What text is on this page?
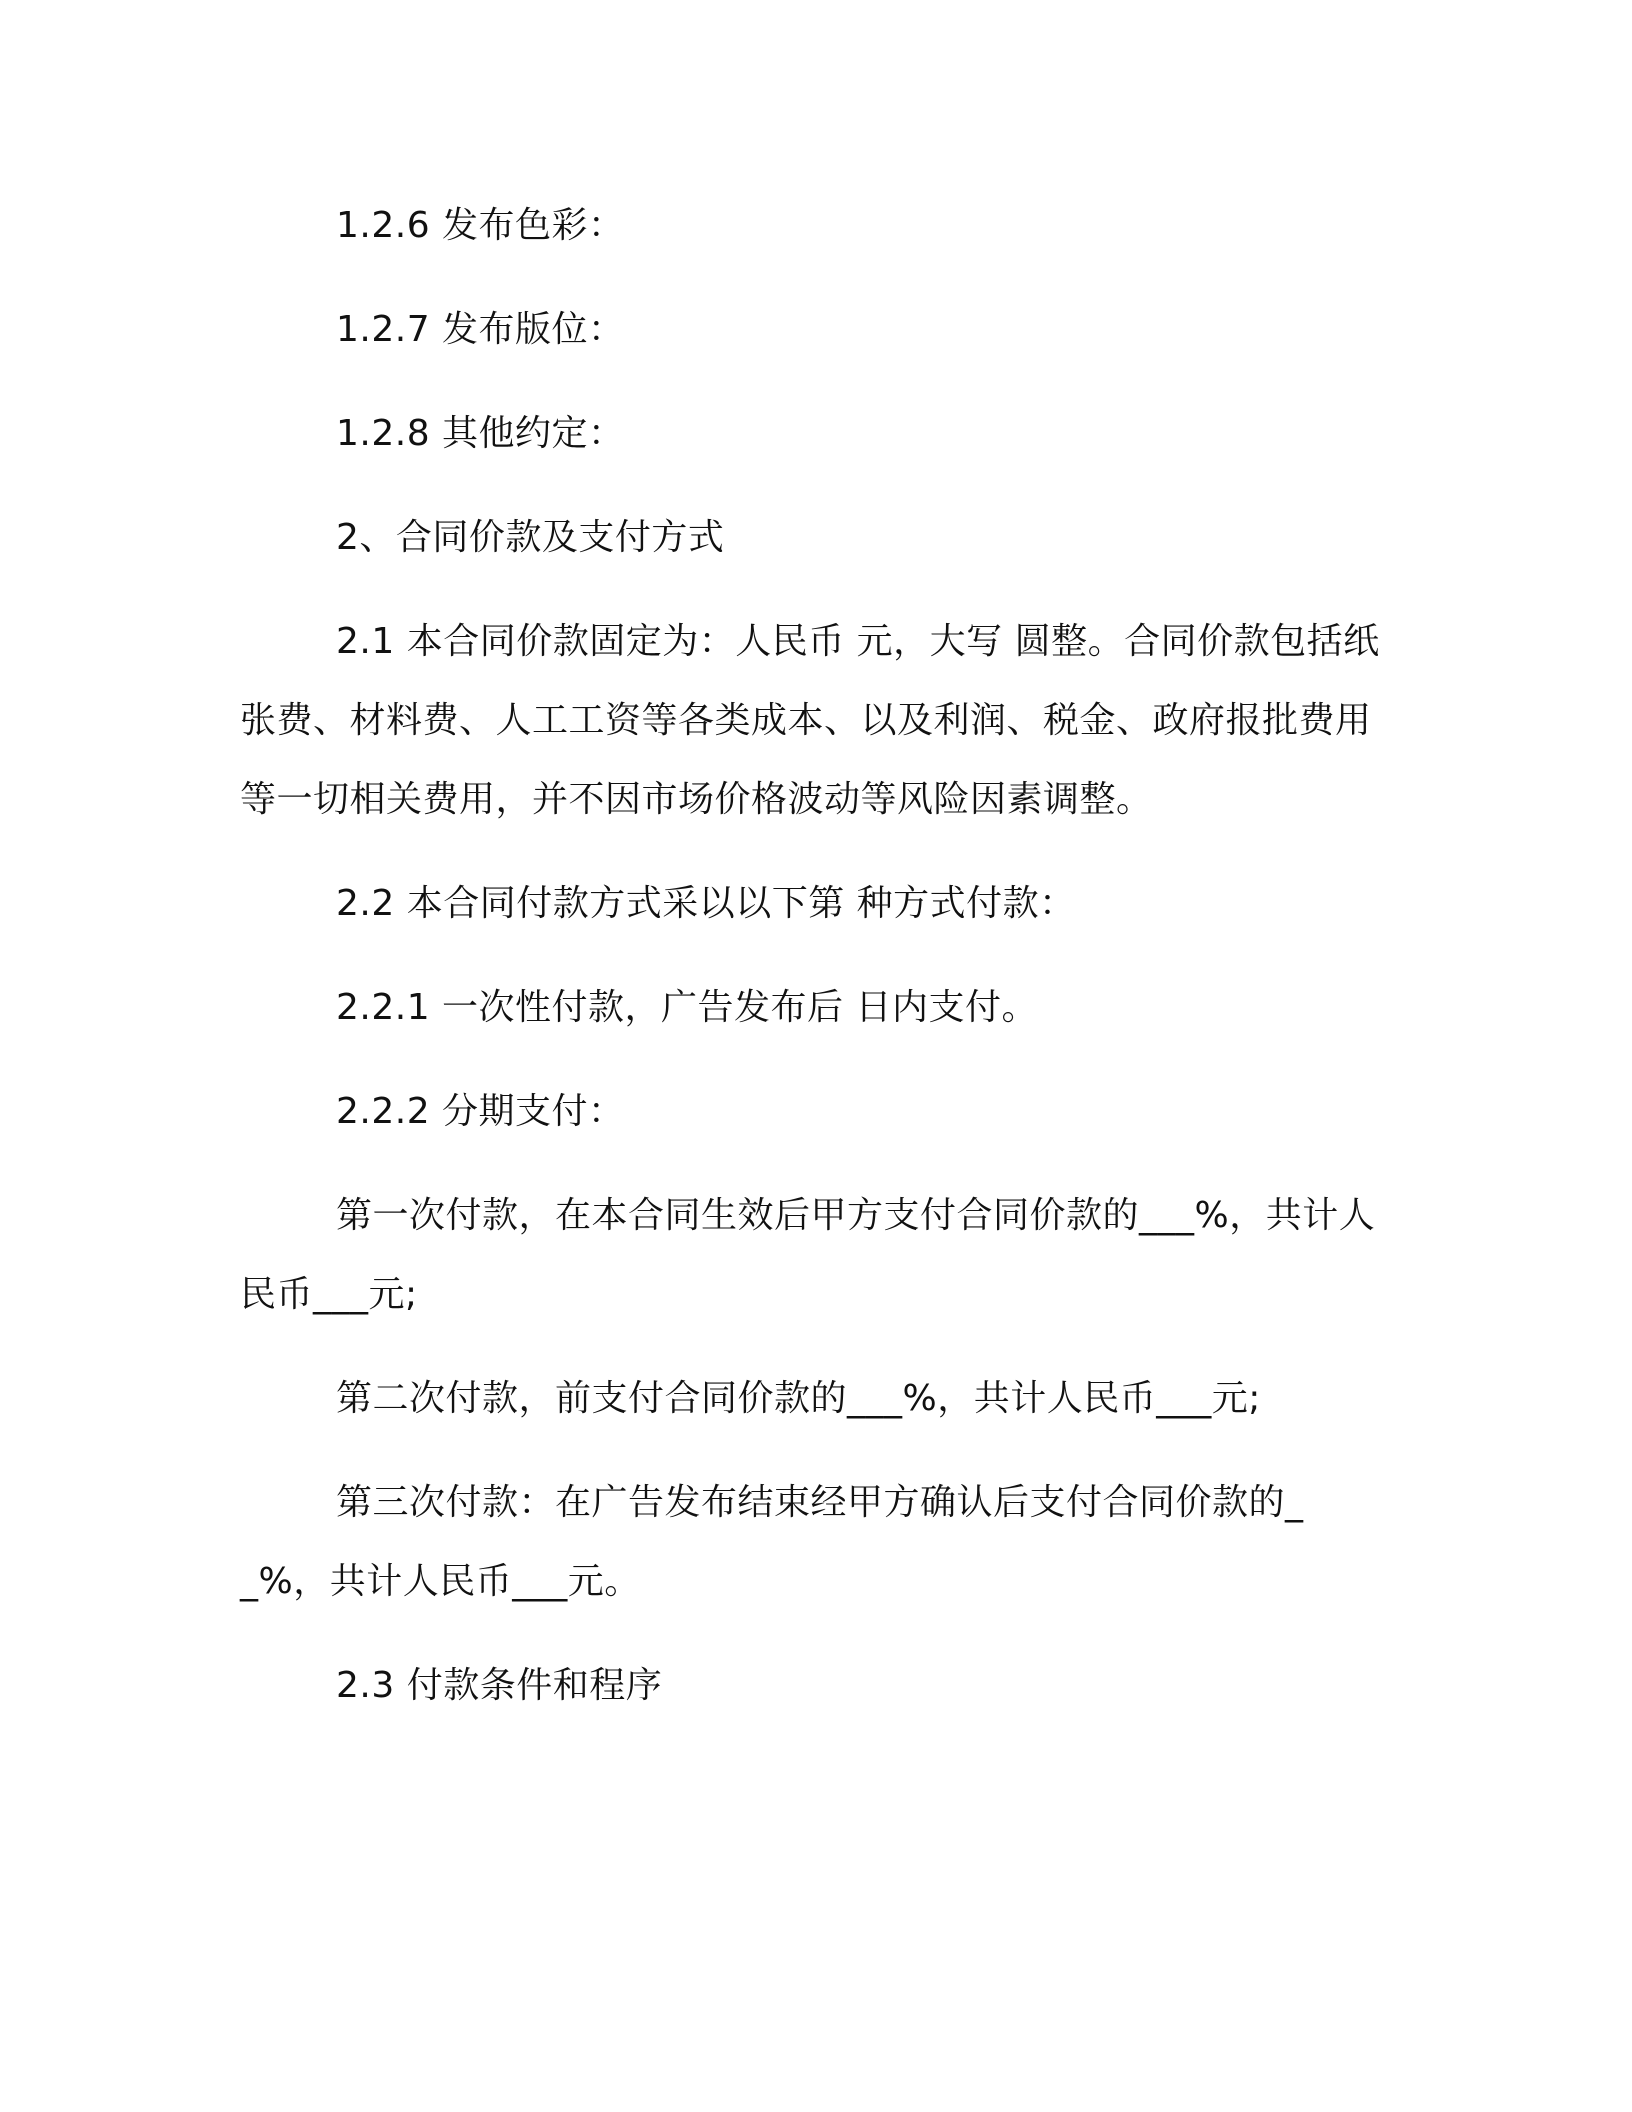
1.2.6 发布色彩：

1.2.7 发布版位：

1.2.8 其他约定：

2、合同价款及支付方式

2.1 本合同价款固定为：人民币 元，大写 圆整。合同价款包括纸张费、材料费、人工工资等各类成本、以及利润、税金、政府报批费用等一切相关费用，并不因市场价格波动等风险因素调整。

2.2 本合同付款方式采以以下第 种方式付款：

2.2.1 一次性付款，广告发布后 日内支付。

2.2.2 分期支付：

第一次付款，在本合同生效后甲方支付合同价款的___%，共计人民币___元;

第二次付款，前支付合同价款的___%，共计人民币___元;

第三次付款：在广告发布结束经甲方确认后支付合同价款的__%，共计人民币___元。

2.3 付款条件和程序
